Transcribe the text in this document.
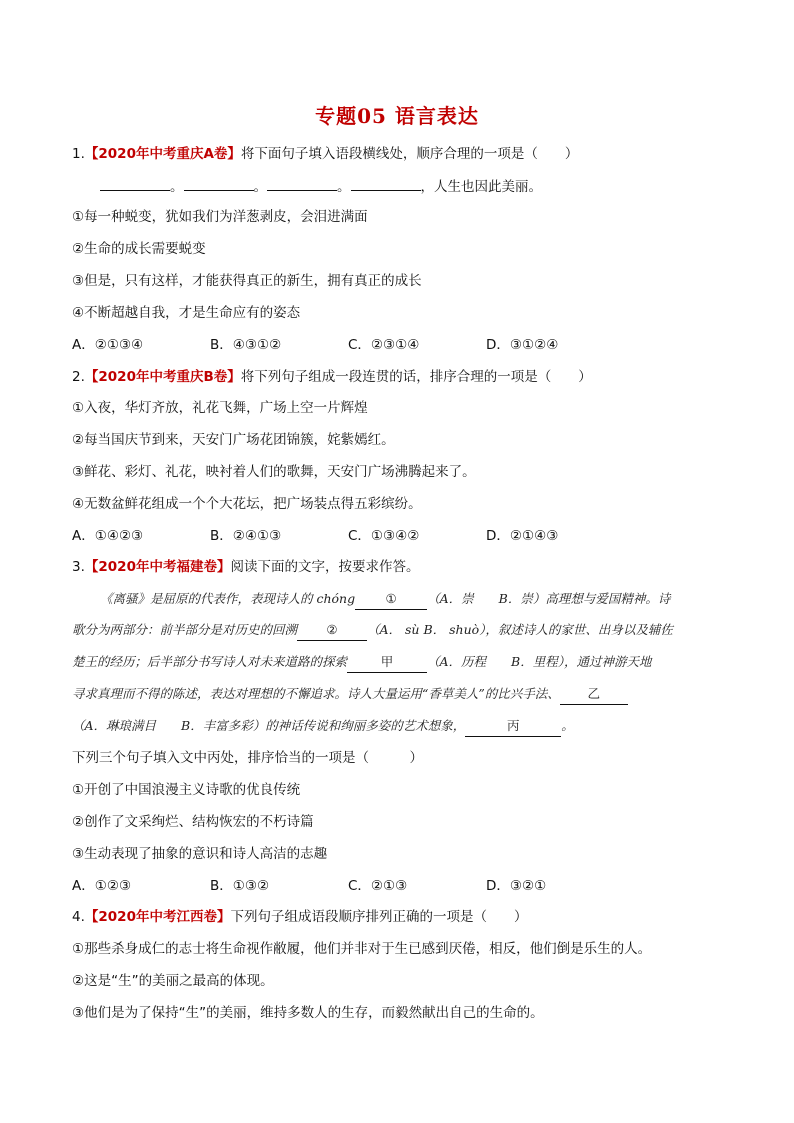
专题05 语言表达
1.【2020年中考重庆A卷】将下面句子填入语段横线处，顺序合理的一项是（　　）
。	。	。	，人生也因此美丽。
①每一种蜕变，犹如我们为洋葱剥皮，会泪进满面
②生命的成长需要蜕变
③但是，只有这样，才能获得真正的新生，拥有真正的成长
④不断超越自我，才是生命应有的姿态
A．②①③④	B．④③①②	C．②③①④	D．③①②④
2.【2020年中考重庆B卷】将下列句子组成一段连贯的话，排序合理的一项是（　　）
①入夜，华灯齐放，礼花飞舞，广场上空一片辉煌
②每当国庆节到来，天安门广场花团锦簇，姹紫嫣红。
③鲜花、彩灯、礼花，映衬着人们的歌舞，天安门广场沸腾起来了。
④无数盆鲜花组成一个个大花坛，把广场装点得五彩缤纷。
A．①④②③	B．②④①③	C．①③④②	D．②①④③
3.【2020年中考福建卷】阅读下面的文字，按要求作答。
《离骚》是屈原的代表作，表现诗人的 chóng ① （A．崇　　B．崇）高理想与爱国精神。诗
歌分为两部分：前半部分是对历史的回溯 ② （A． sù B． shuò），叙述诗人的家世、出身以及辅佐
楚王的经历；后半部分书写诗人对未来道路的探索	甲	（A．历程　　B．里程），通过神游天地
寻求真理而不得的陈述，表达对理想的不懈追求。诗人大量运用“香草美人”的比兴手法、 乙
（A．琳琅满目　　B．丰富多彩）的神话传说和绚丽多姿的艺术想象，	丙	。
下列三个句子填入文中丙处，排序恰当的一项是（　　　）
①开创了中国浪漫主义诗歌的优良传统
②创作了文采绚烂、结构恢宏的不朽诗篇
③生动表现了抽象的意识和诗人高洁的志趣
A．①②③	B．①③②	C．②①③	D．③②①
4.【2020年中考江西卷】下列句子组成语段顺序排列正确的一项是（　　）
①那些杀身成仁的志士将生命视作敝履，他们并非对于生已感到厌倦，相反，他们倒是乐生的人。
②这是“生”的美丽之最高的体现。
③他们是为了保持“生”的美丽，维持多数人的生存，而毅然献出自己的生命的。
